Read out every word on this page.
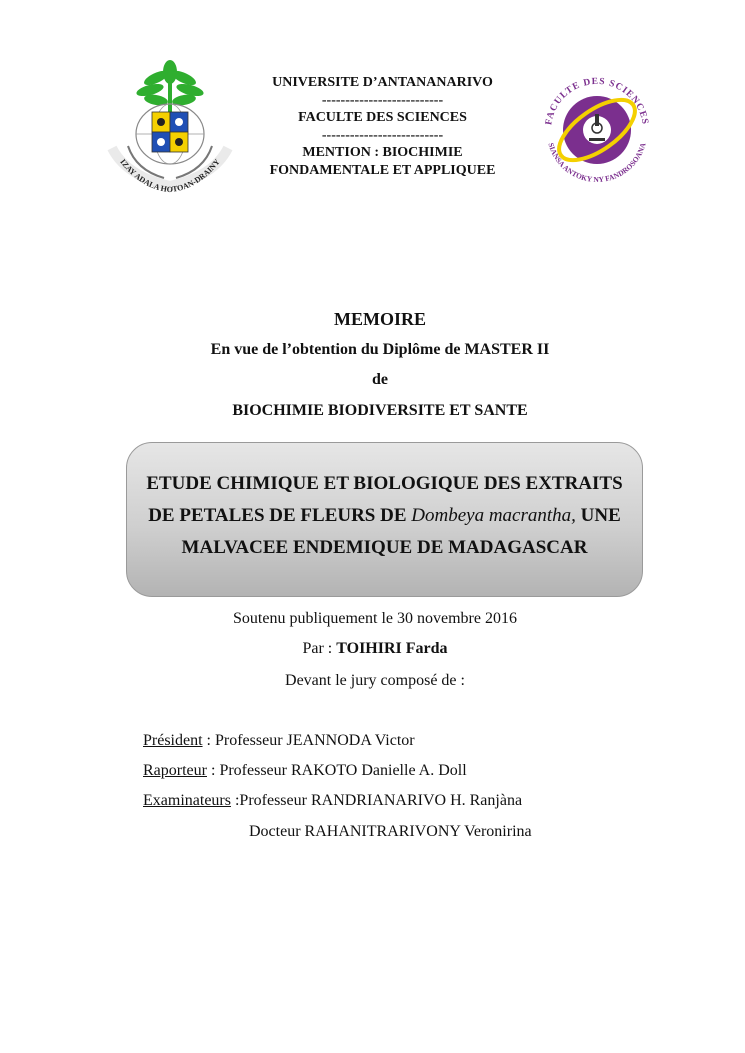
IZAY ADALA HOTOAN-DRAINY
UNIVERSITE D’ANTANANARIVO
--------------------------
FACULTE DES SCIENCES
--------------------------
MENTION : BIOCHIMIE
FONDAMENTALE ET APPLIQUEE
FACULTE DES SCIENCES
SIANSA ANTOKY NY FANDROSOANA
MEMOIRE
En vue de l’obtention du Diplôme de MASTER II
de
BIOCHIMIE BIODIVERSITE ET SANTE
ETUDE CHIMIQUE ET BIOLOGIQUE DES EXTRAITS
DE PETALES DE FLEURS DE Dombeya macrantha, UNE
MALVACEE ENDEMIQUE DE MADAGASCAR
Soutenu publiquement le 30 novembre 2016
Par : TOIHIRI Farda
Devant le jury composé de :
Président : Professeur JEANNODA Victor
Raporteur : Professeur RAKOTO Danielle A. Doll
Examinateurs :Professeur RANDRIANARIVO H. Ranjàna
Docteur RAHANITRARIVONY Veronirina
